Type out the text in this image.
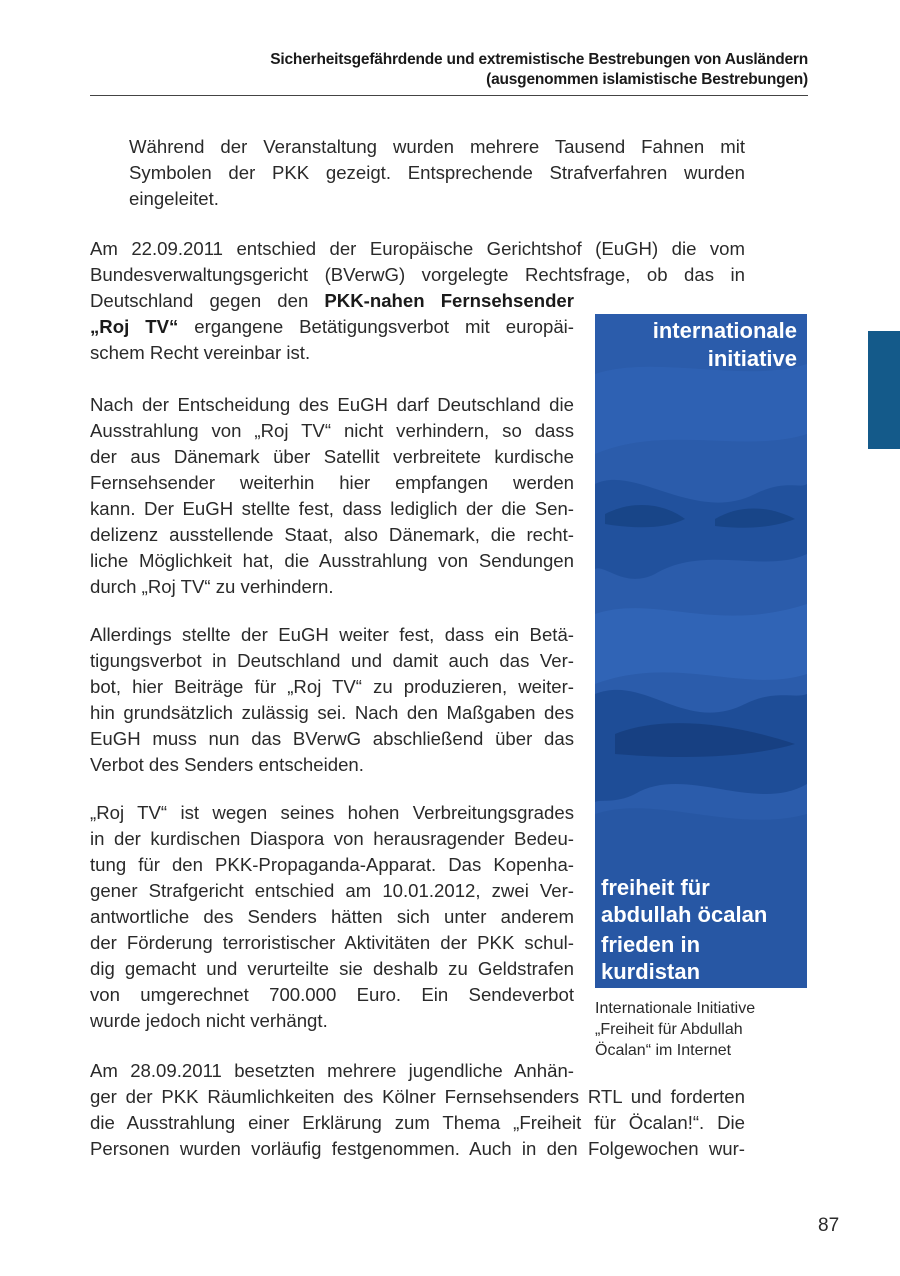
Sicherheitsgefährdende und extremistische Bestrebungen von Ausländern
(ausgenommen islamistische Bestrebungen)
Während der Veranstaltung wurden mehrere Tausend Fahnen mit
Symbolen der PKK gezeigt. Entsprechende Strafverfahren wurden
eingeleitet.
Am 22.09.2011 entschied der Europäische Gerichtshof (EuGH) die vom
Bundesverwaltungsgericht (BVerwG) vorgelegte Rechtsfrage, ob das in
Deutschland gegen den PKK-nahen Fernsehsender
„Roj TV“ ergangene Betätigungsverbot mit europäi-
schem Recht vereinbar ist.
Nach der Entscheidung des EuGH darf Deutschland die
Ausstrahlung von „Roj TV“ nicht verhindern, so dass
der aus Dänemark über Satellit verbreitete kurdische
Fernsehsender weiterhin hier empfangen werden
kann. Der EuGH stellte fest, dass lediglich der die Sen-
delizenz ausstellende Staat, also Dänemark, die recht-
liche Möglichkeit hat, die Ausstrahlung von Sendungen
durch „Roj TV“ zu verhindern.
Allerdings stellte der EuGH weiter fest, dass ein Betä-
tigungsverbot in Deutschland und damit auch das Ver-
bot, hier Beiträge für „Roj TV“ zu produzieren, weiter-
hin grundsätzlich zulässig sei. Nach den Maßgaben des
EuGH muss nun das BVerwG abschließend über das
Verbot des Senders entscheiden.
„Roj TV“ ist wegen seines hohen Verbreitungsgrades
in der kurdischen Diaspora von herausragender Bedeu-
tung für den PKK-Propaganda-Apparat. Das Kopenha-
gener Strafgericht entschied am 10.01.2012, zwei Ver-
antwortliche des Senders hätten sich unter anderem
der Förderung terroristischer Aktivitäten der PKK schul-
dig gemacht und verurteilte sie deshalb zu Geldstrafen
von umgerechnet 700.000 Euro. Ein Sendeverbot
wurde jedoch nicht verhängt.
Am 28.09.2011 besetzten mehrere jugendliche Anhän-
ger der PKK Räumlichkeiten des Kölner Fernsehsenders RTL und forderten
die Ausstrahlung einer Erklärung zum Thema „Freiheit für Öcalan!“. Die
Personen wurden vorläufig festgenommen. Auch in den Folgewochen wur-
internationale
initiative
freiheit für
abdullah öcalan
frieden in
kurdistan
Internationale Initiative
„Freiheit für Abdullah
Öcalan“ im Internet
87
